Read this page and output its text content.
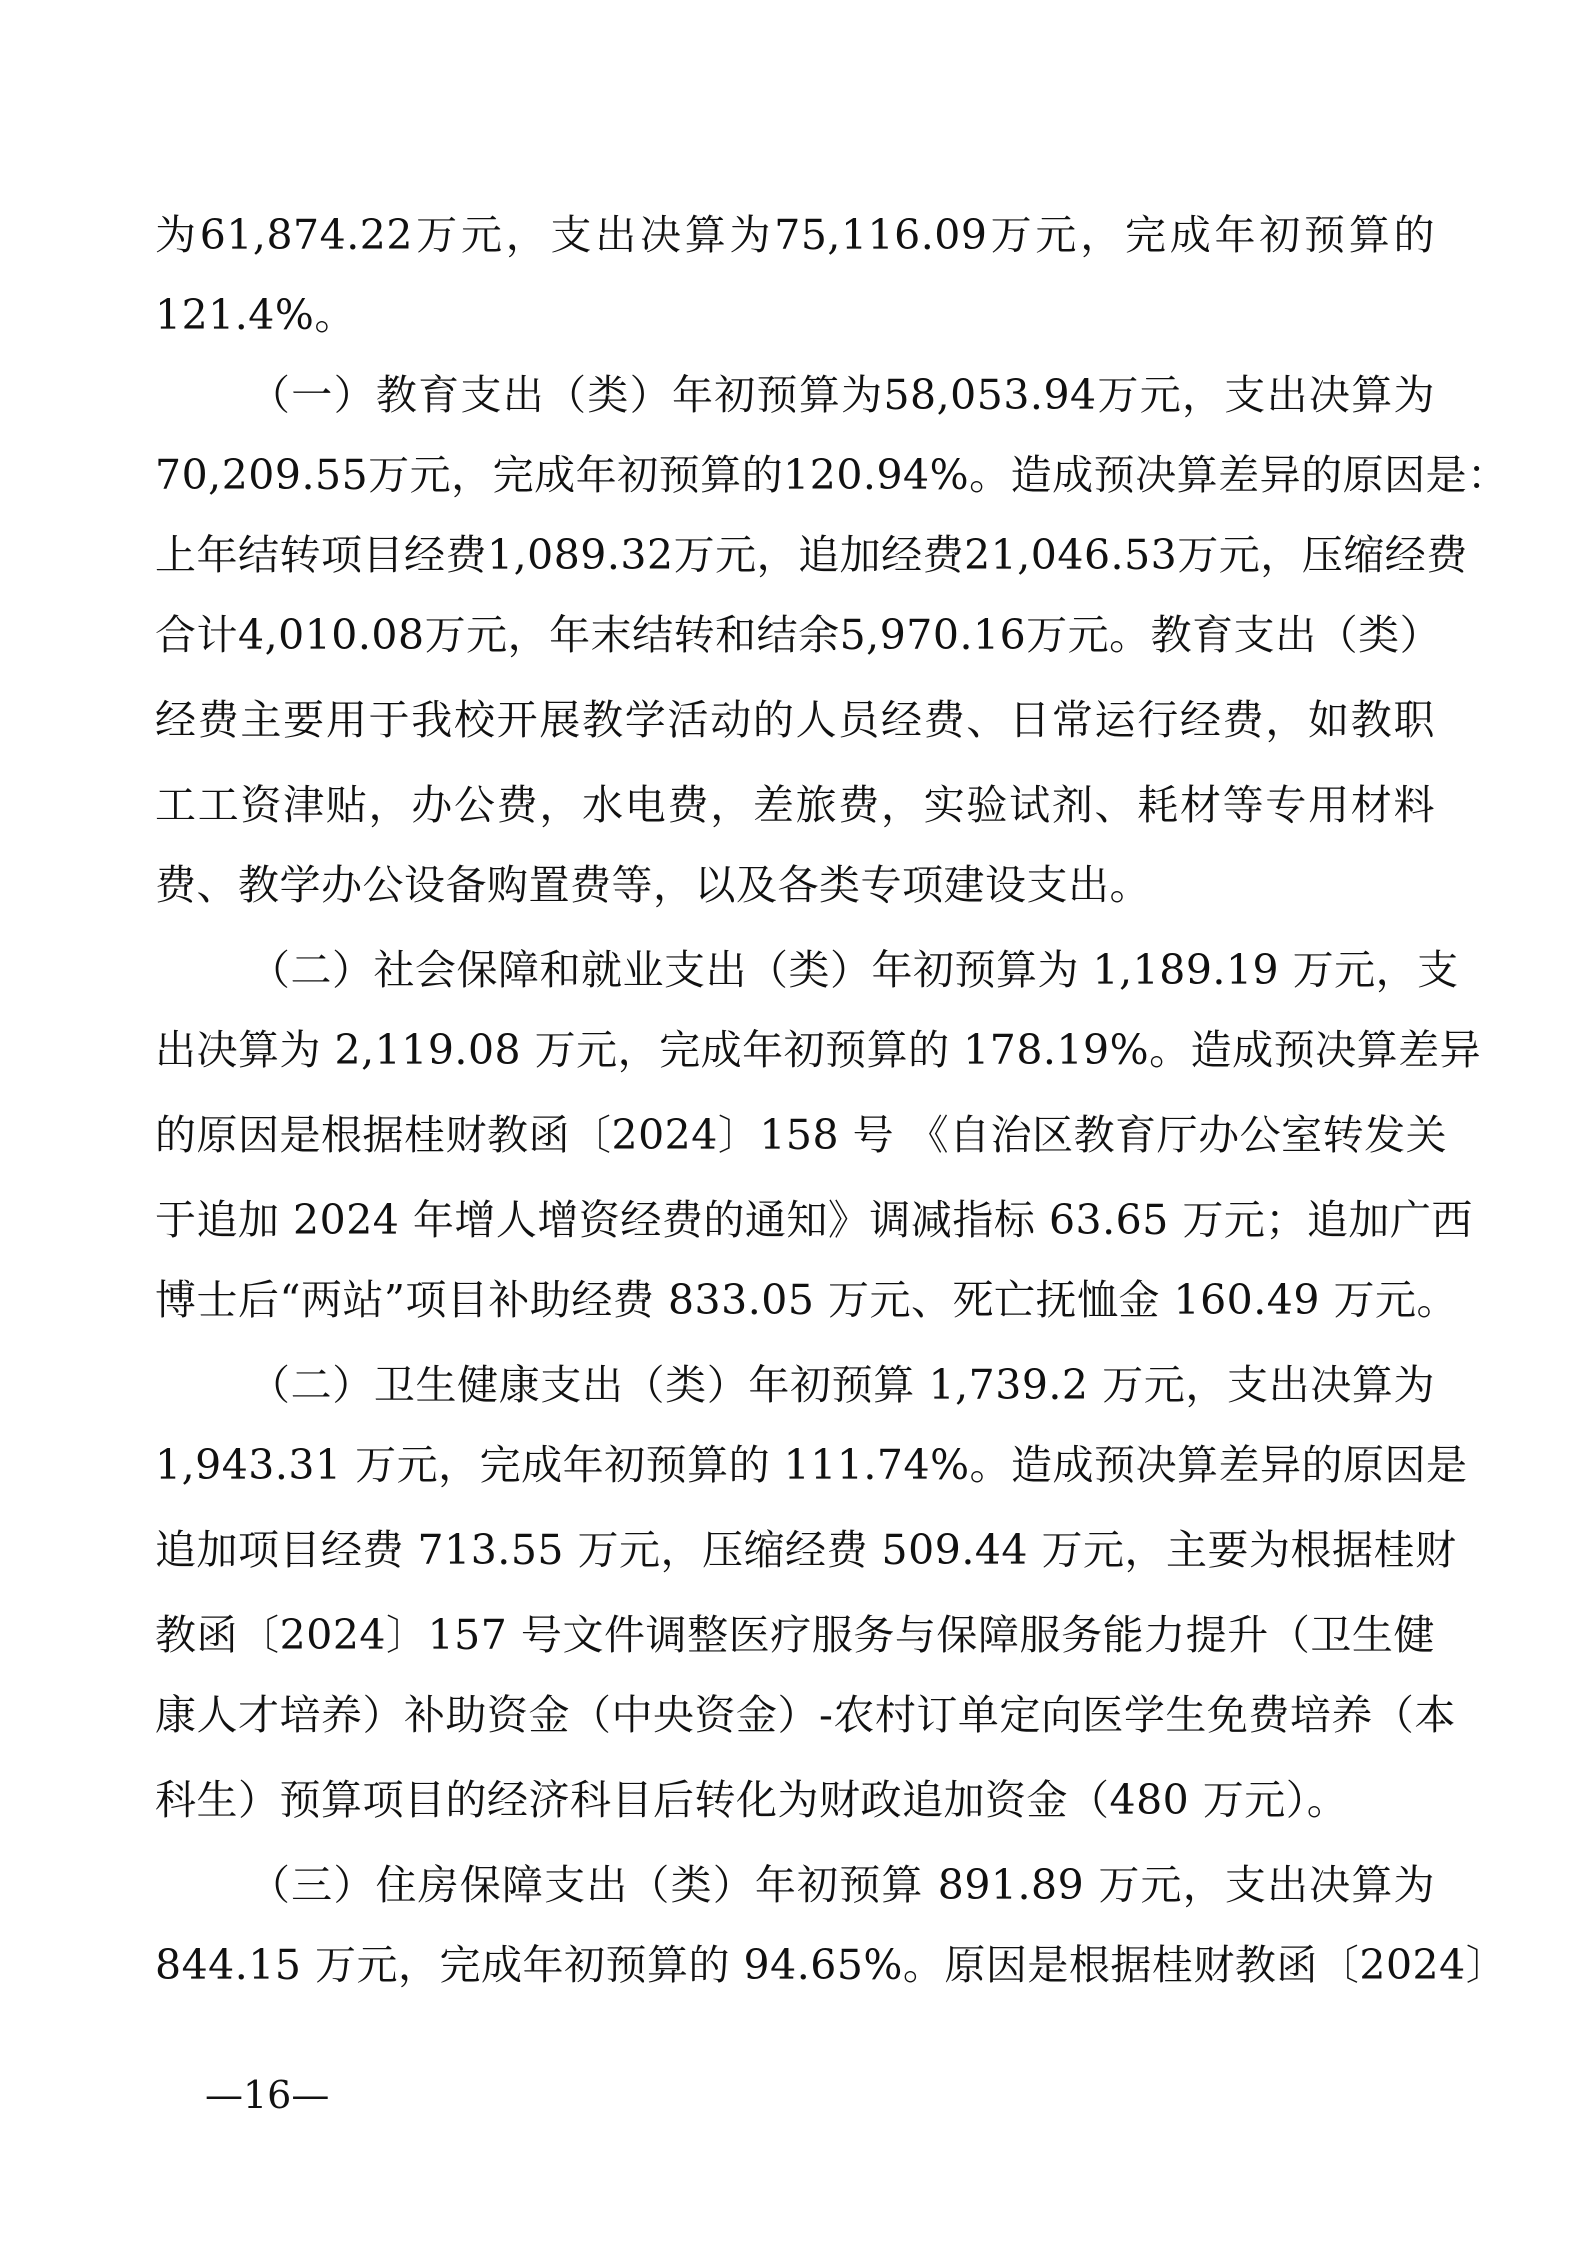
为61,874.22万元，支出决算为75,116.09万元，完成年初预算的
121.4%。
（一）教育支出（类）年初预算为58,053.94万元，支出决算为
70,209.55万元，完成年初预算的120.94%。造成预决算差异的原因是：
上年结转项目经费1,089.32万元，追加经费21,046.53万元，压缩经费
合计4,010.08万元，年末结转和结余5,970.16万元。教育支出（类）
经费主要用于我校开展教学活动的人员经费、日常运行经费，如教职
工工资津贴，办公费，水电费，差旅费，实验试剂、耗材等专用材料
费、教学办公设备购置费等，以及各类专项建设支出。
（二）社会保障和就业支出（类）年初预算为 1,189.19 万元，支
出决算为 2,119.08 万元，完成年初预算的 178.19%。造成预决算差异
的原因是根据桂财教函〔2024〕158 号 《自治区教育厅办公室转发关
于追加 2024 年增人增资经费的通知》调减指标 63.65 万元；追加广西
博士后“两站”项目补助经费 833.05 万元、死亡抚恤金 160.49 万元。
（二）卫生健康支出（类）年初预算 1,739.2 万元，支出决算为
1,943.31 万元，完成年初预算的 111.74%。造成预决算差异的原因是
追加项目经费 713.55 万元，压缩经费 509.44 万元，主要为根据桂财
教函〔2024〕157 号文件调整医疗服务与保障服务能力提升（卫生健
康人才培养）补助资金（中央资金）-农村订单定向医学生免费培养（本
科生）预算项目的经济科目后转化为财政追加资金（480 万元）。
（三）住房保障支出（类）年初预算 891.89 万元，支出决算为
844.15 万元，完成年初预算的 94.65%。原因是根据桂财教函〔2024〕
—16—
